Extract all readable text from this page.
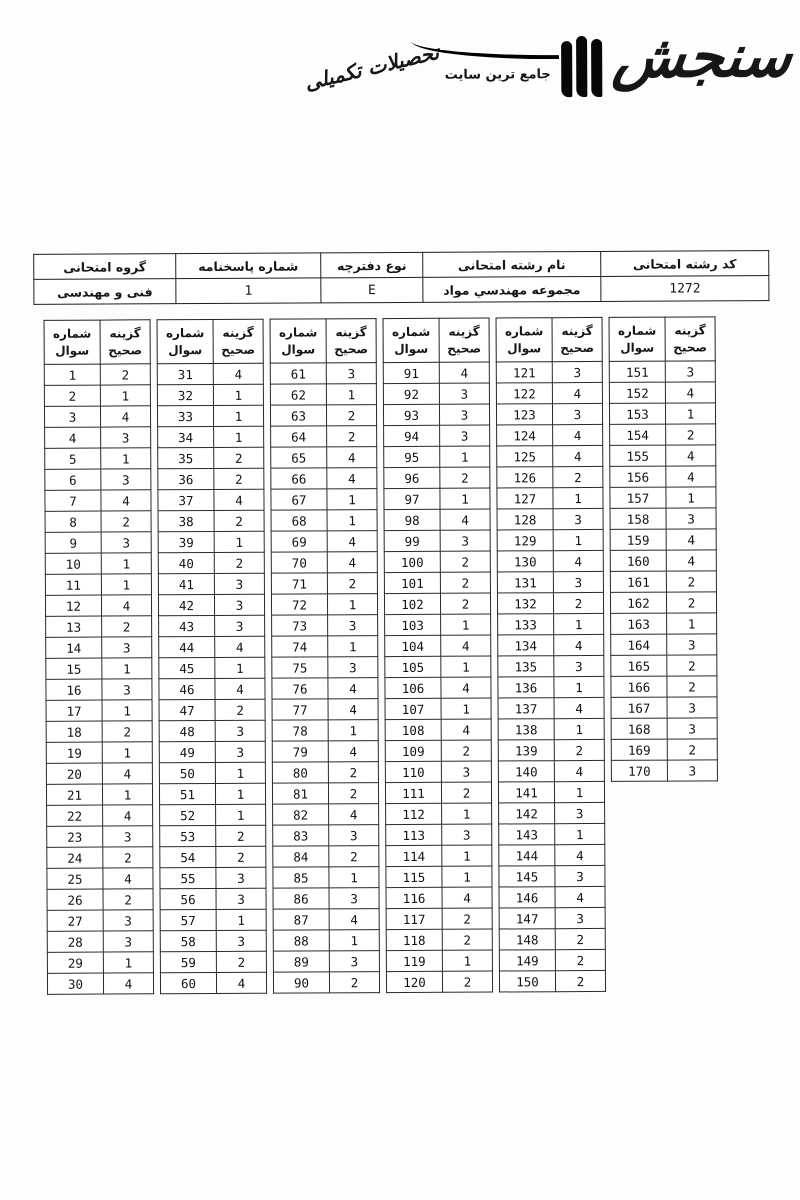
سنجش
جامع ترین سایت
تحصیلات تکمیلی
کد رشته امتحانی	نام رشته امتحانی	نوع دفترچه	شماره پاسخنامه	گروه امتحانی
1272	مجموعه مهندسي مواد	E	1	فنی و مهندسی
شماره
سوال

گزینه
صحیح

1	2
2	1
3	4
4	3
5	1
6	3
7	4
8	2
9	3
10	1
11	1
12	4
13	2
14	3
15	1
16	3
17	1
18	2
19	1
20	4
21	1
22	4
23	3
24	2
25	4
26	2
27	3
28	3
29	1
30	4
شماره
سوال

گزینه
صحیح

31	4
32	1
33	1
34	1
35	2
36	2
37	4
38	2
39	1
40	2
41	3
42	3
43	3
44	4
45	1
46	4
47	2
48	3
49	3
50	1
51	1
52	1
53	2
54	2
55	3
56	3
57	1
58	3
59	2
60	4
شماره
سوال

گزینه
صحیح

61	3
62	1
63	2
64	2
65	4
66	4
67	1
68	1
69	4
70	4
71	2
72	1
73	3
74	1
75	3
76	4
77	4
78	1
79	4
80	2
81	2
82	4
83	3
84	2
85	1
86	3
87	4
88	1
89	3
90	2
شماره
سوال

گزینه
صحیح

91	4
92	3
93	3
94	3
95	1
96	2
97	1
98	4
99	3
100	2
101	2
102	2
103	1
104	4
105	1
106	4
107	1
108	4
109	2
110	3
111	2
112	1
113	3
114	1
115	1
116	4
117	2
118	2
119	1
120	2
شماره
سوال

گزینه
صحیح

121	3
122	4
123	3
124	4
125	4
126	2
127	1
128	3
129	1
130	4
131	3
132	2
133	1
134	4
135	3
136	1
137	4
138	1
139	2
140	4
141	1
142	3
143	1
144	4
145	3
146	4
147	3
148	2
149	2
150	2
شماره
سوال

گزینه
صحیح

151	3
152	4
153	1
154	2
155	4
156	4
157	1
158	3
159	4
160	4
161	2
162	2
163	1
164	3
165	2
166	2
167	3
168	3
169	2
170	3
